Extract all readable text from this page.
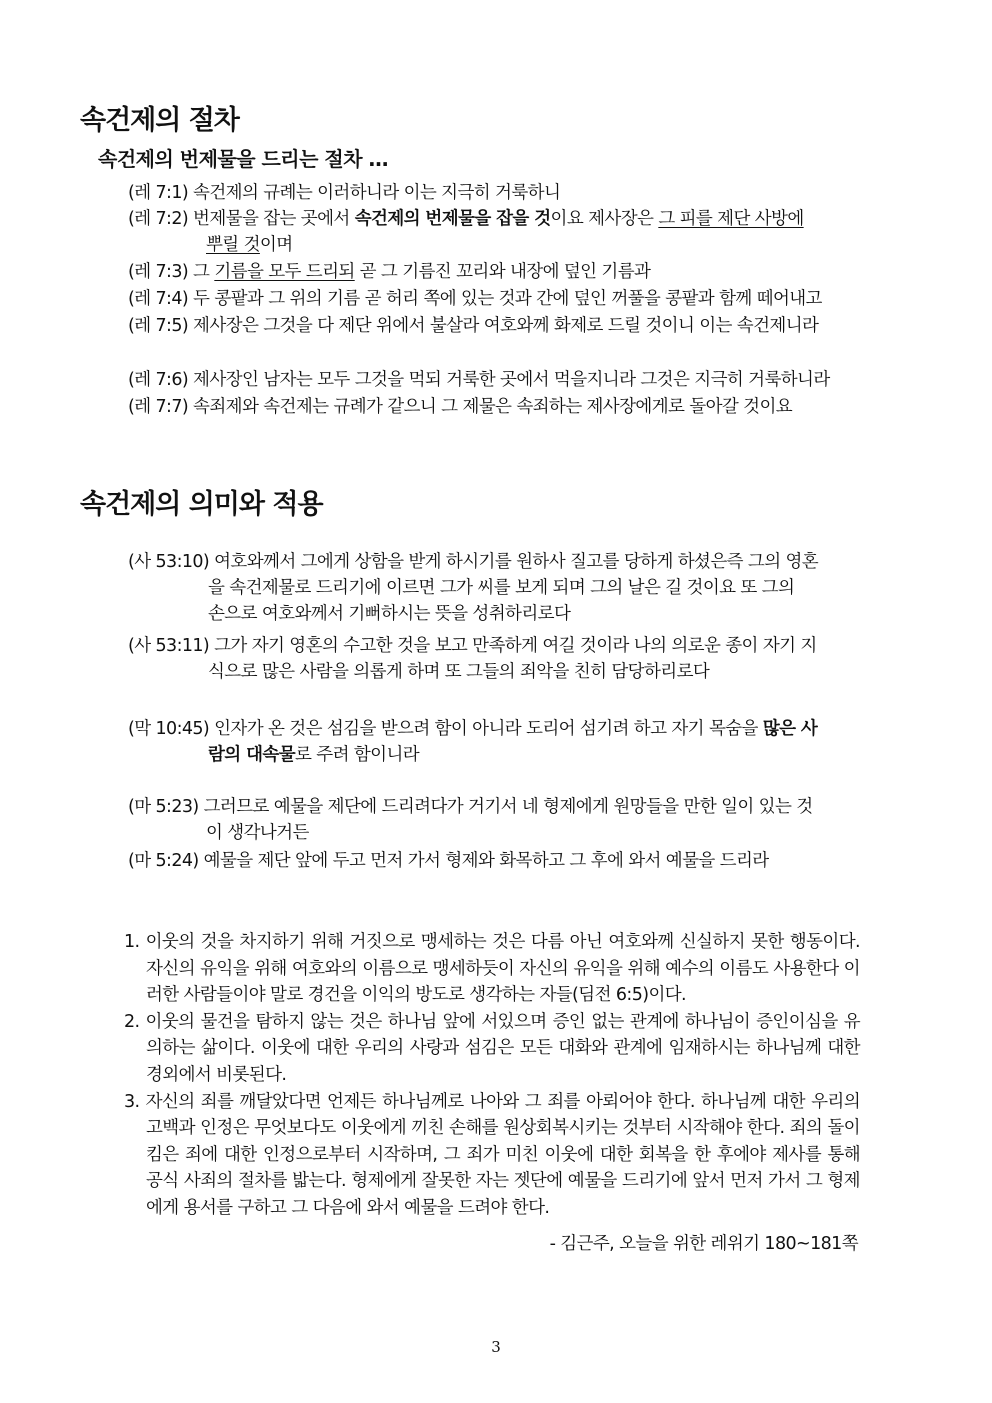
속건제의 절차
속건제의 번제물을 드리는 절차 …
(레 7:1) 속건제의 규례는 이러하니라 이는 지극히 거룩하니
(레 7:2) 번제물을 잡는 곳에서 속건제의 번제물을 잡을 것이요 제사장은 그 피를 제단 사방에
뿌릴 것이며
(레 7:3) 그 기름을 모두 드리되 곧 그 기름진 꼬리와 내장에 덮인 기름과
(레 7:4) 두 콩팥과 그 위의 기름 곧 허리 쪽에 있는 것과 간에 덮인 꺼풀을 콩팥과 함께 떼어내고
(레 7:5) 제사장은 그것을 다 제단 위에서 불살라 여호와께 화제로 드릴 것이니 이는 속건제니라
(레 7:6) 제사장인 남자는 모두 그것을 먹되 거룩한 곳에서 먹을지니라 그것은 지극히 거룩하니라
(레 7:7) 속죄제와 속건제는 규례가 같으니 그 제물은 속죄하는 제사장에게로 돌아갈 것이요
속건제의 의미와 적용
(사 53:10) 여호와께서 그에게 상함을 받게 하시기를 원하사 질고를 당하게 하셨은즉 그의 영혼
을 속건제물로 드리기에 이르면 그가 씨를 보게 되며 그의 날은 길 것이요 또 그의
손으로 여호와께서 기뻐하시는 뜻을 성취하리로다
(사 53:11) 그가 자기 영혼의 수고한 것을 보고 만족하게 여길 것이라 나의 의로운 종이 자기 지
식으로 많은 사람을 의롭게 하며 또 그들의 죄악을 친히 담당하리로다
(막 10:45) 인자가 온 것은 섬김을 받으려 함이 아니라 도리어 섬기려 하고 자기 목숨을 많은 사
람의 대속물로 주려 함이니라
(마 5:23) 그러므로 예물을 제단에 드리려다가 거기서 네 형제에게 원망들을 만한 일이 있는 것
이 생각나거든
(마 5:24) 예물을 제단 앞에 두고 먼저 가서 형제와 화목하고 그 후에 와서 예물을 드리라
1. 이웃의 것을 차지하기 위해 거짓으로 맹세하는 것은 다름 아닌 여호와께 신실하지 못한 행동이다. 자신의 유익을 위해 여호와의 이름으로 맹세하듯이 자신의 유익을 위해 예수의 이름도 사용한다 이러한 사람들이야 말로 경건을 이익의 방도로 생각하는 자들(딤전 6:5)이다.
2. 이웃의 물건을 탐하지 않는 것은 하나님 앞에 서있으며 증인 없는 관계에 하나님이 증인이심을 유의하는 삶이다. 이웃에 대한 우리의 사랑과 섬김은 모든 대화와 관계에 임재하시는 하나님께 대한 경외에서 비롯된다.
3. 자신의 죄를 깨달았다면 언제든 하나님께로 나아와 그 죄를 아뢰어야 한다. 하나님께 대한 우리의 고백과 인정은 무엇보다도 이웃에게 끼친 손해를 원상회복시키는 것부터 시작해야 한다. 죄의 돌이킴은 죄에 대한 인정으로부터 시작하며, 그 죄가 미친 이웃에 대한 회복을 한 후에야 제사를 통해 공식 사죄의 절차를 밟는다. 형제에게 잘못한 자는 젯단에 예물을 드리기에 앞서 먼저 가서 그 형제에게 용서를 구하고 그 다음에 와서 예물을 드려야 한다.
- 김근주, 오늘을 위한 레위기 180~181쪽
3
